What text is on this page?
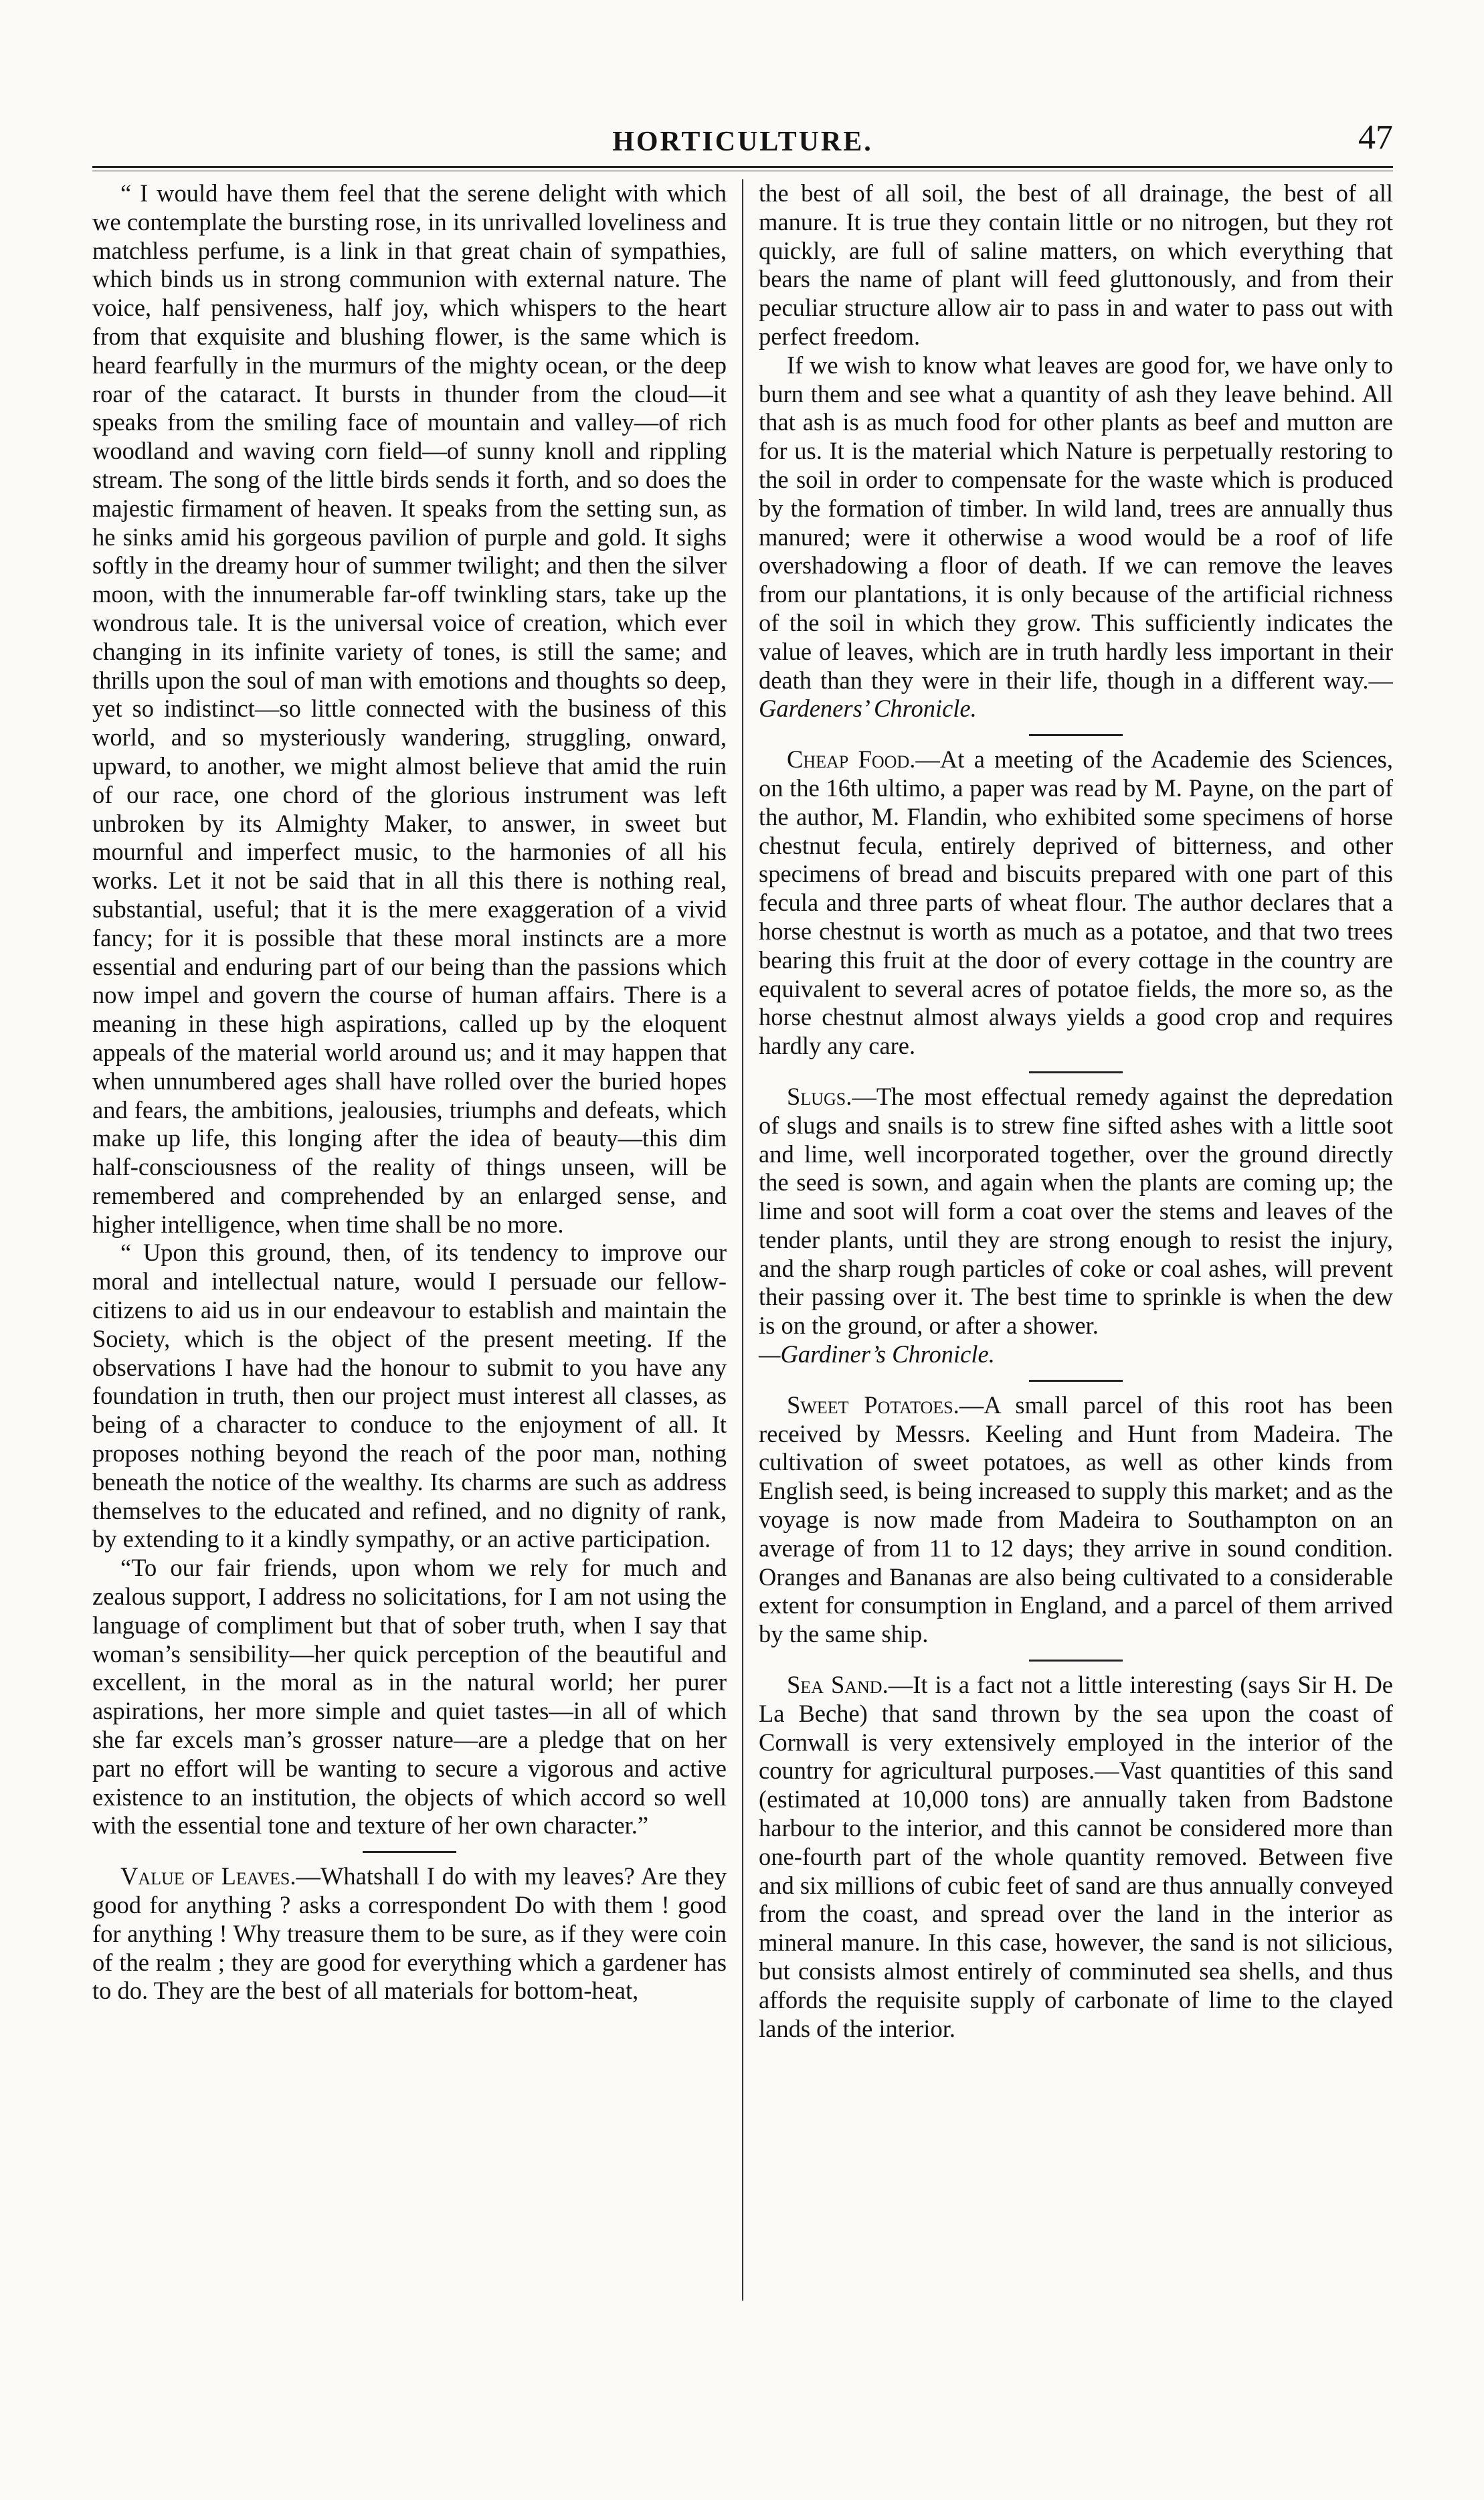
HORTICULTURE.	47

“ I would have them feel that the serene delight with which we contemplate the bursting rose, in its unrivalled loveliness and matchless perfume, is a link in that great chain of sympathies, which binds us in strong communion with external nature. The voice, half pensiveness, half joy, which whispers to the heart from that exquisite and blushing flower, is the same which is heard fearfully in the murmurs of the mighty ocean, or the deep roar of the cataract. It bursts in thunder from the cloud—it speaks from the smiling face of mountain and valley—of rich woodland and waving corn field—of sunny knoll and rippling stream. The song of the little birds sends it forth, and so does the majestic firmament of heaven. It speaks from the setting sun, as he sinks amid his gorgeous pavilion of purple and gold. It sighs softly in the dreamy hour of summer twilight; and then the silver moon, with the innumerable far-off twinkling stars, take up the wondrous tale. It is the universal voice of creation, which ever changing in its infinite variety of tones, is still the same; and thrills upon the soul of man with emotions and thoughts so deep, yet so indistinct—so little connected with the business of this world, and so mysteriously wandering, struggling, onward, upward, to another, we might almost believe that amid the ruin of our race, one chord of the glorious instrument was left unbroken by its Almighty Maker, to answer, in sweet but mournful and imperfect music, to the harmonies of all his works. Let it not be said that in all this there is nothing real, substantial, useful; that it is the mere exaggeration of a vivid fancy; for it is possible that these moral instincts are a more essential and enduring part of our being than the passions which now impel and govern the course of human affairs. There is a meaning in these high aspirations, called up by the eloquent appeals of the material world around us; and it may happen that when unnumbered ages shall have rolled over the buried hopes and fears, the ambitions, jealousies, triumphs and defeats, which make up life, this longing after the idea of beauty—this dim half-consciousness of the reality of things unseen, will be remembered and comprehended by an enlarged sense, and higher intelligence, when time shall be no more.

“ Upon this ground, then, of its tendency to improve our moral and intellectual nature, would I persuade our fellow-citizens to aid us in our endeavour to establish and maintain the Society, which is the object of the present meeting. If the observations I have had the honour to submit to you have any foundation in truth, then our project must interest all classes, as being of a character to conduce to the enjoyment of all. It proposes nothing beyond the reach of the poor man, nothing beneath the notice of the wealthy. Its charms are such as address themselves to the educated and refined, and no dignity of rank, by extending to it a kindly sympathy, or an active participation.

“To our fair friends, upon whom we rely for much and zealous support, I address no solicitations, for I am not using the language of compliment but that of sober truth, when I say that woman’s sensibility—her quick perception of the beautiful and excellent, in the moral as in the natural world; her purer aspirations, her more simple and quiet tastes—in all of which she far excels man’s grosser nature—are a pledge that on her part no effort will be wanting to secure a vigorous and active existence to an institution, the objects of which accord so well with the essential tone and texture of her own character.”

Value of Leaves.—Whatshall I do with my leaves? Are they good for anything ? asks a correspondent Do with them ! good for anything ! Why treasure them to be sure, as if they were coin of the realm ; they are good for everything which a gardener has to do. They are the best of all materials for bottom-heat,

the best of all soil, the best of all drainage, the best of all manure. It is true they contain little or no nitrogen, but they rot quickly, are full of saline matters, on which everything that bears the name of plant will feed gluttonously, and from their peculiar structure allow air to pass in and water to pass out with perfect freedom.

If we wish to know what leaves are good for, we have only to burn them and see what a quantity of ash they leave behind. All that ash is as much food for other plants as beef and mutton are for us. It is the material which Nature is perpetually restoring to the soil in order to compensate for the waste which is produced by the formation of timber. In wild land, trees are annually thus manured; were it otherwise a wood would be a roof of life overshadowing a floor of death. If we can remove the leaves from our plantations, it is only because of the artificial richness of the soil in which they grow. This sufficiently indicates the value of leaves, which are in truth hardly less important in their death than they were in their life, though in a different way.—Gardeners’ Chronicle.

Cheap Food.—At a meeting of the Academie des Sciences, on the 16th ultimo, a paper was read by M. Payne, on the part of the author, M. Flandin, who exhibited some specimens of horse chestnut fecula, entirely deprived of bitterness, and other specimens of bread and biscuits prepared with one part of this fecula and three parts of wheat flour. The author declares that a horse chestnut is worth as much as a potatoe, and that two trees bearing this fruit at the door of every cottage in the country are equivalent to several acres of potatoe fields, the more so, as the horse chestnut almost always yields a good crop and requires hardly any care.

Slugs.—The most effectual remedy against the depredation of slugs and snails is to strew fine sifted ashes with a little soot and lime, well incorporated together, over the ground directly the seed is sown, and again when the plants are coming up; the lime and soot will form a coat over the stems and leaves of the tender plants, until they are strong enough to resist the injury, and the sharp rough particles of coke or coal ashes, will prevent their passing over it. The best time to sprinkle is when the dew is on the ground, or after a shower.
—Gardiner’s Chronicle.

Sweet Potatoes.—A small parcel of this root has been received by Messrs. Keeling and Hunt from Madeira. The cultivation of sweet potatoes, as well as other kinds from English seed, is being increased to supply this market; and as the voyage is now made from Madeira to Southampton on an average of from 11 to 12 days; they arrive in sound condition. Oranges and Bananas are also being cultivated to a considerable extent for consumption in England, and a parcel of them arrived by the same ship.

Sea Sand.—It is a fact not a little interesting (says Sir H. De La Beche) that sand thrown by the sea upon the coast of Cornwall is very extensively employed in the interior of the country for agricultural purposes.—Vast quantities of this sand (estimated at 10,000 tons) are annually taken from Badstone harbour to the interior, and this cannot be considered more than one-fourth part of the whole quantity removed. Between five and six millions of cubic feet of sand are thus annually conveyed from the coast, and spread over the land in the interior as mineral manure. In this case, however, the sand is not silicious, but consists almost entirely of comminuted sea shells, and thus affords the requisite supply of carbonate of lime to the clayed lands of the interior.
